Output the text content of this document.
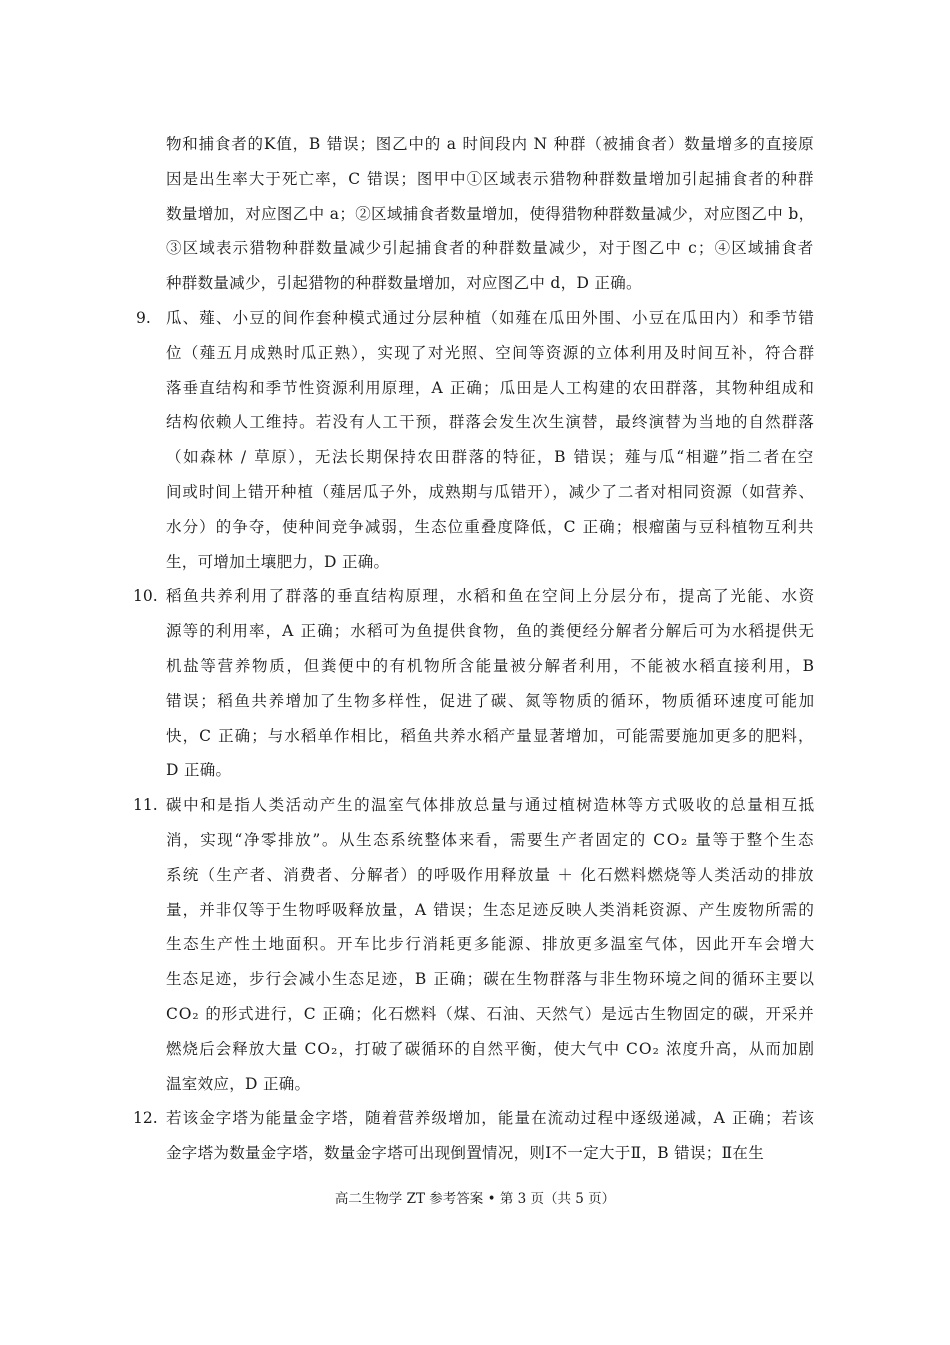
物和捕食者的K值，B 错误；图乙中的 a 时间段内 N 种群（被捕食者）数量增多的直接原
因是出生率大于死亡率，C 错误；图甲中①区域表示猎物种群数量增加引起捕食者的种群
数量增加，对应图乙中 a；②区域捕食者数量增加，使得猎物种群数量减少，对应图乙中 b，
③区域表示猎物种群数量减少引起捕食者的种群数量减少，对于图乙中 c；④区域捕食者
种群数量减少，引起猎物的种群数量增加，对应图乙中 d，D 正确。
9. 瓜、薤、小豆的间作套种模式通过分层种植（如薤在瓜田外围、小豆在瓜田内）和季节错
位（薤五月成熟时瓜正熟），实现了对光照、空间等资源的立体利用及时间互补，符合群
落垂直结构和季节性资源利用原理，A 正确；瓜田是人工构建的农田群落，其物种组成和
结构依赖人工维持。若没有人工干预，群落会发生次生演替，最终演替为当地的自然群落
（如森林 / 草原），无法长期保持农田群落的特征，B 错误；薤与瓜“相避”指二者在空
间或时间上错开种植（薤居瓜子外，成熟期与瓜错开），减少了二者对相同资源（如营养、
水分）的争夺，使种间竞争减弱，生态位重叠度降低，C 正确；根瘤菌与豆科植物互利共
生，可增加土壤肥力，D 正确。
10. 稻鱼共养利用了群落的垂直结构原理，水稻和鱼在空间上分层分布，提高了光能、水资
源等的利用率，A 正确；水稻可为鱼提供食物，鱼的粪便经分解者分解后可为水稻提供无
机盐等营养物质，但粪便中的有机物所含能量被分解者利用，不能被水稻直接利用，B
错误；稻鱼共养增加了生物多样性，促进了碳、氮等物质的循环，物质循环速度可能加
快，C 正确；与水稻单作相比，稻鱼共养水稻产量显著增加，可能需要施加更多的肥料，
D 正确。
11. 碳中和是指人类活动产生的温室气体排放总量与通过植树造林等方式吸收的总量相互抵
消，实现“净零排放”。从生态系统整体来看，需要生产者固定的 CO₂ 量等于整个生态
系统（生产者、消费者、分解者）的呼吸作用释放量 ＋ 化石燃料燃烧等人类活动的排放
量，并非仅等于生物呼吸释放量，A 错误；生态足迹反映人类消耗资源、产生废物所需的
生态生产性土地面积。开车比步行消耗更多能源、排放更多温室气体，因此开车会增大
生态足迹，步行会减小生态足迹，B 正确；碳在生物群落与非生物环境之间的循环主要以
CO₂ 的形式进行，C 正确；化石燃料（煤、石油、天然气）是远古生物固定的碳，开采并
燃烧后会释放大量 CO₂，打破了碳循环的自然平衡，使大气中 CO₂ 浓度升高，从而加剧
温室效应，D 正确。
12. 若该金字塔为能量金字塔，随着营养级增加，能量在流动过程中逐级递减，A 正确；若该
金字塔为数量金字塔，数量金字塔可出现倒置情况，则Ⅰ不一定大于Ⅱ，B 错误；Ⅱ在生
高二生物学 ZT 参考答案 • 第 3 页（共 5 页）
